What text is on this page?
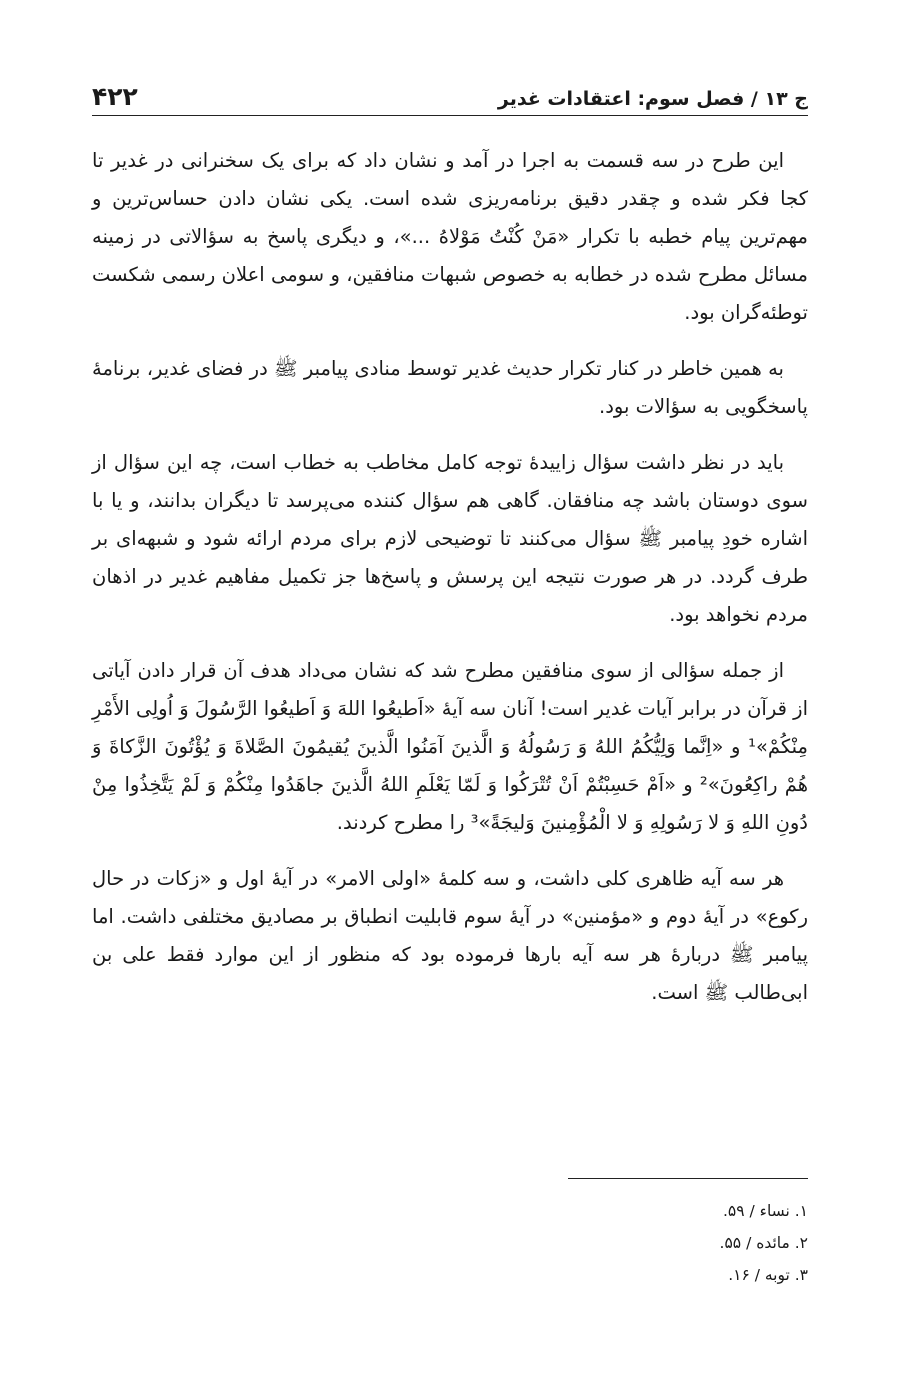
ج ۱۳ / فصل سوم: اعتقادات غدیر
۴۲۲

این طرح در سه قسمت به اجرا در آمد و نشان داد که برای یک سخنرانی در غدیر تا کجا فکر شده و چقدر دقیق برنامه‌ریزی شده است. یکی نشان دادن حساس‌ترین و مهم‌ترین پیام خطبه با تکرار «مَنْ کُنْتُ مَوْلاهُ ...»، و دیگری پاسخ به سؤالاتی در زمینه مسائل مطرح شده در خطابه به خصوص شبهات منافقین، و سومی اعلان رسمی شکست توطئه‌گران بود.

به همین خاطر در کنار تکرار حدیث غدیر توسط منادی پیامبر ﷺ در فضای غدیر، برنامهٔ پاسخگویی به سؤالات بود.

باید در نظر داشت سؤال زاییدهٔ توجه کامل مخاطب به خطاب است، چه این سؤال از سوی دوستان باشد چه منافقان. گاهی هم سؤال کننده می‌پرسد تا دیگران بدانند، و یا با اشاره خودِ پیامبر ﷺ سؤال می‌کنند تا توضیحی لازم برای مردم ارائه شود و شبهه‌ای بر طرف گردد. در هر صورت نتیجه این پرسش و پاسخ‌ها جز تکمیل مفاهیم غدیر در اذهان مردم نخواهد بود.

از جمله سؤالی از سوی منافقین مطرح شد که نشان می‌داد هدف آن قرار دادن آیاتی از قرآن در برابر آیات غدیر است! آنان سه آیهٔ «اَطیعُوا اللهَ وَ اَطیعُوا الرَّسُولَ وَ اُولِی الأَمْرِ مِنْکُمْ»¹ و «اِنَّما وَلِیُّکُمُ اللهُ وَ رَسُولُهُ وَ الَّذینَ آمَنُوا الَّذینَ یُقیمُونَ الصَّلاةَ وَ یُؤْتُونَ الزَّکاةَ وَ هُمْ راکِعُونَ»² و «اَمْ حَسِبْتُمْ اَنْ تُتْرَکُوا وَ لَمّا یَعْلَمِ اللهُ الَّذینَ جاهَدُوا مِنْکُمْ وَ لَمْ یَتَّخِذُوا مِنْ دُونِ اللهِ وَ لا رَسُولِهِ وَ لا الْمُؤْمِنینَ وَلیجَةً»³ را مطرح کردند.

هر سه آیه ظاهری کلی داشت، و سه کلمهٔ «اولی الامر» در آیهٔ اول و «زکات در حال رکوع» در آیهٔ دوم و «مؤمنین» در آیهٔ سوم قابلیت انطباق بر مصادیق مختلفی داشت. اما پیامبر ﷺ دربارهٔ هر سه آیه بارها فرموده بود که منظور از این موارد فقط علی بن ابی‌طالب ﷺ است.

۱. نساء / ۵۹.

۲. مائده / ۵۵.

۳. توبه / ۱۶.
